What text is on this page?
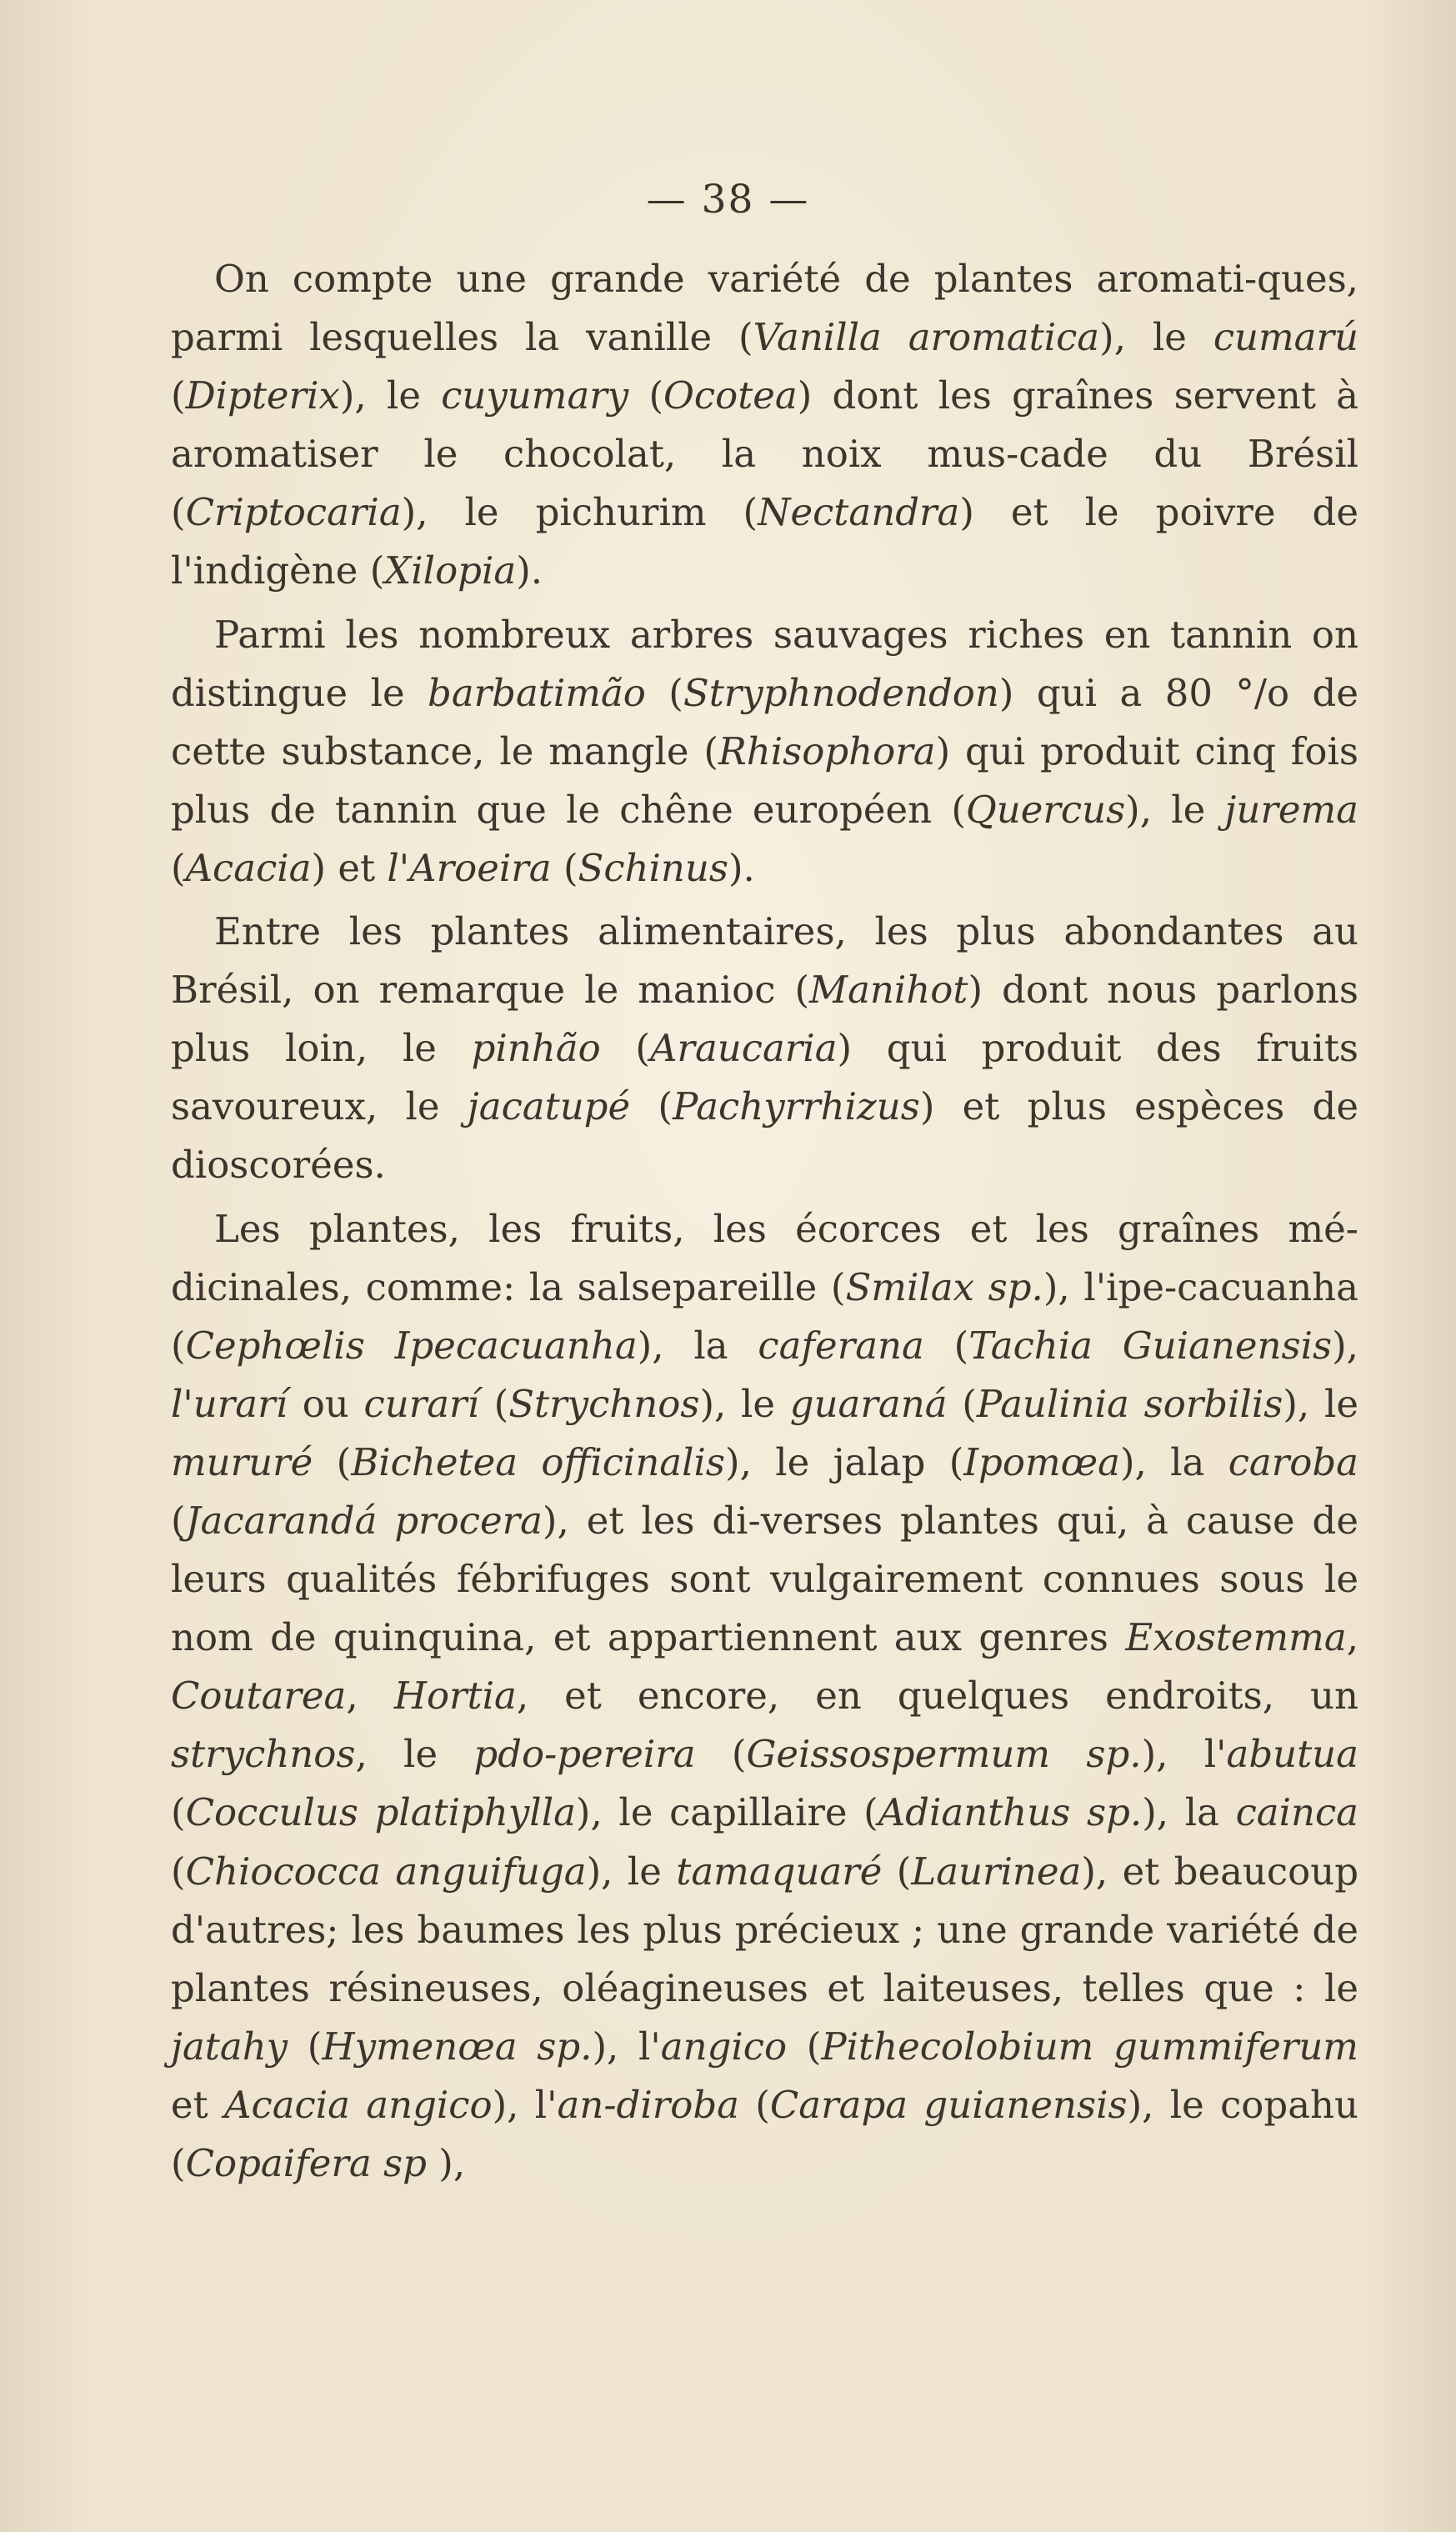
— 38 —

On compte une grande variété de plantes aromati-ques, parmi lesquelles la vanille (Vanilla aromatica), le cumarú (Dipterix), le cuyumary (Ocotea) dont les graînes servent à aromatiser le chocolat, la noix mus-cade du Brésil (Criptocaria), le pichurim (Nectandra) et le poivre de l'indigène (Xilopia).

Parmi les nombreux arbres sauvages riches en tannin on distingue le barbatimão (Stryphnodendon) qui a 80 °/o de cette substance, le mangle (Rhisophora) qui produit cinq fois plus de tannin que le chêne européen (Quercus), le jurema (Acacia) et l'Aroeira (Schinus).

Entre les plantes alimentaires, les plus abondantes au Brésil, on remarque le manioc (Manihot) dont nous parlons plus loin, le pinhão (Araucaria) qui produit des fruits savoureux, le jacatupé (Pachyrrhizus) et plus espèces de dioscorées.

Les plantes, les fruits, les écorces et les graînes mé-dicinales, comme: la salsepareille (Smilax sp.), l'ipe-cacuanha (Cephœlis Ipecacuanha), la caferana (Tachia Guianensis), l'urarí ou curarí (Strychnos), le guaraná (Paulinia sorbilis), le mururé (Bichetea officinalis), le jalap (Ipomœa), la caroba (Jacarandá procera), et les di-verses plantes qui, à cause de leurs qualités fébrifuges sont vulgairement connues sous le nom de quinquina, et appartiennent aux genres Exostemma, Coutarea, Hortia, et encore, en quelques endroits, un strychnos, le pdo-pereira (Geissospermum sp.), l'abutua (Cocculus platiphylla), le capillaire (Adianthus sp.), la cainca (Chiococca anguifuga), le tamaquaré (Laurinea), et beaucoup d'autres; les baumes les plus précieux ; une grande variété de plantes résineuses, oléagineuses et laiteuses, telles que : le jatahy (Hymenœa sp.), l'angico (Pithecolobium gummiferum et Acacia angico), l'an-diroba (Carapa guianensis), le copahu (Copaifera sp ),
